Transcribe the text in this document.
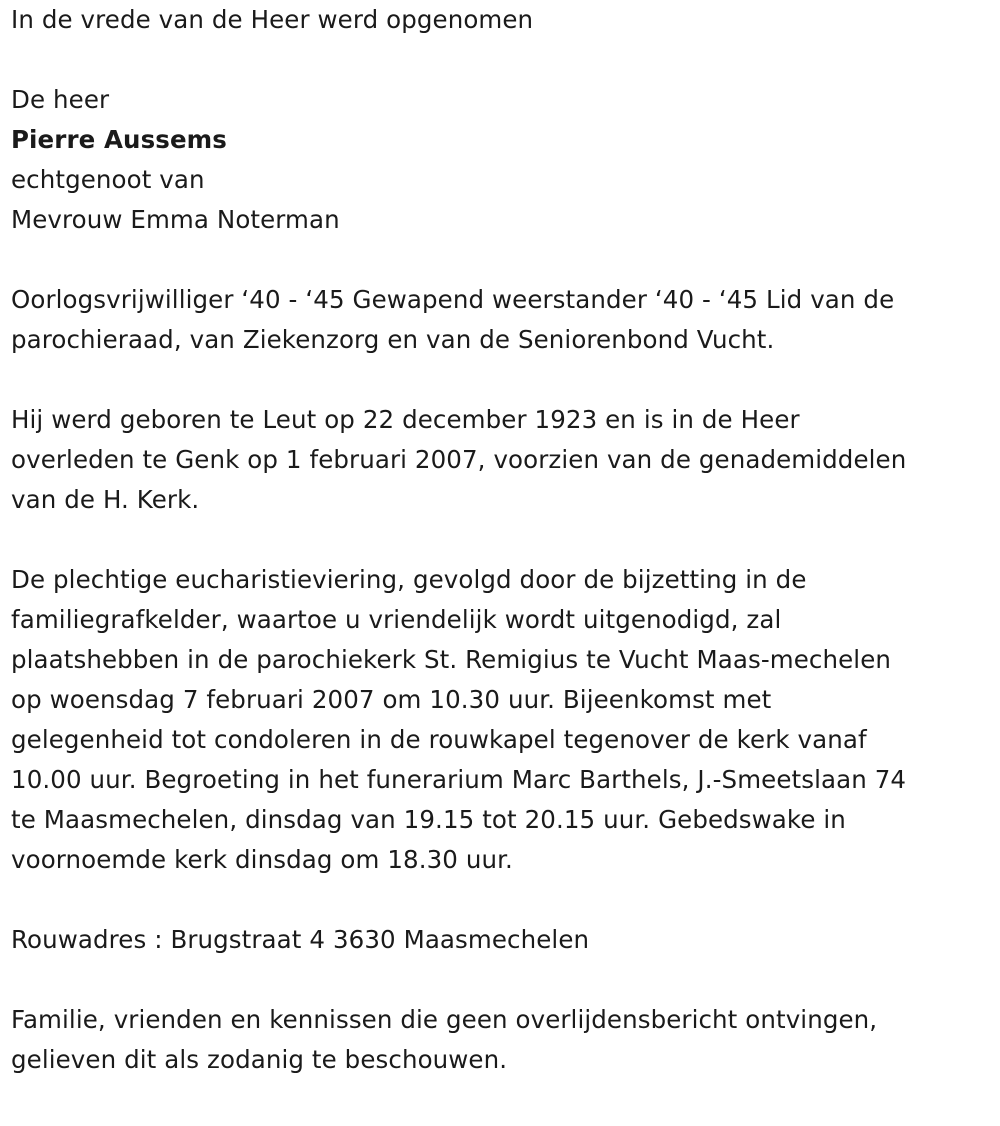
In de vrede van de Heer werd opgenomen

De heer

Pierre Aussems

echtgenoot van

Mevrouw Emma Noterman

Oorlogsvrijwilliger ‘40 - ‘45 Gewapend weerstander ‘40 - ‘45 Lid van de

parochieraad, van Ziekenzorg en van de Seniorenbond Vucht.

Hij werd geboren te Leut op 22 december 1923 en is in de Heer

overleden te Genk op 1 februari 2007, voorzien van de genademiddelen

van de H. Kerk.

De plechtige eucharistieviering, gevolgd door de bijzetting in de

familiegrafkelder, waartoe u vriendelijk wordt uitgenodigd, zal

plaatshebben in de parochiekerk St. Remigius te Vucht Maas-mechelen

op woensdag 7 februari 2007 om 10.30 uur. Bijeenkomst met

gelegenheid tot condoleren in de rouwkapel tegenover de kerk vanaf

10.00 uur. Begroeting in het funerarium Marc Barthels, J.-Smeetslaan 74

te Maasmechelen, dinsdag van 19.15 tot 20.15 uur. Gebedswake in

voornoemde kerk dinsdag om 18.30 uur.

Rouwadres : Brugstraat 4 3630 Maasmechelen

Familie, vrienden en kennissen die geen overlijdensbericht ontvingen,

gelieven dit als zodanig te beschouwen.
